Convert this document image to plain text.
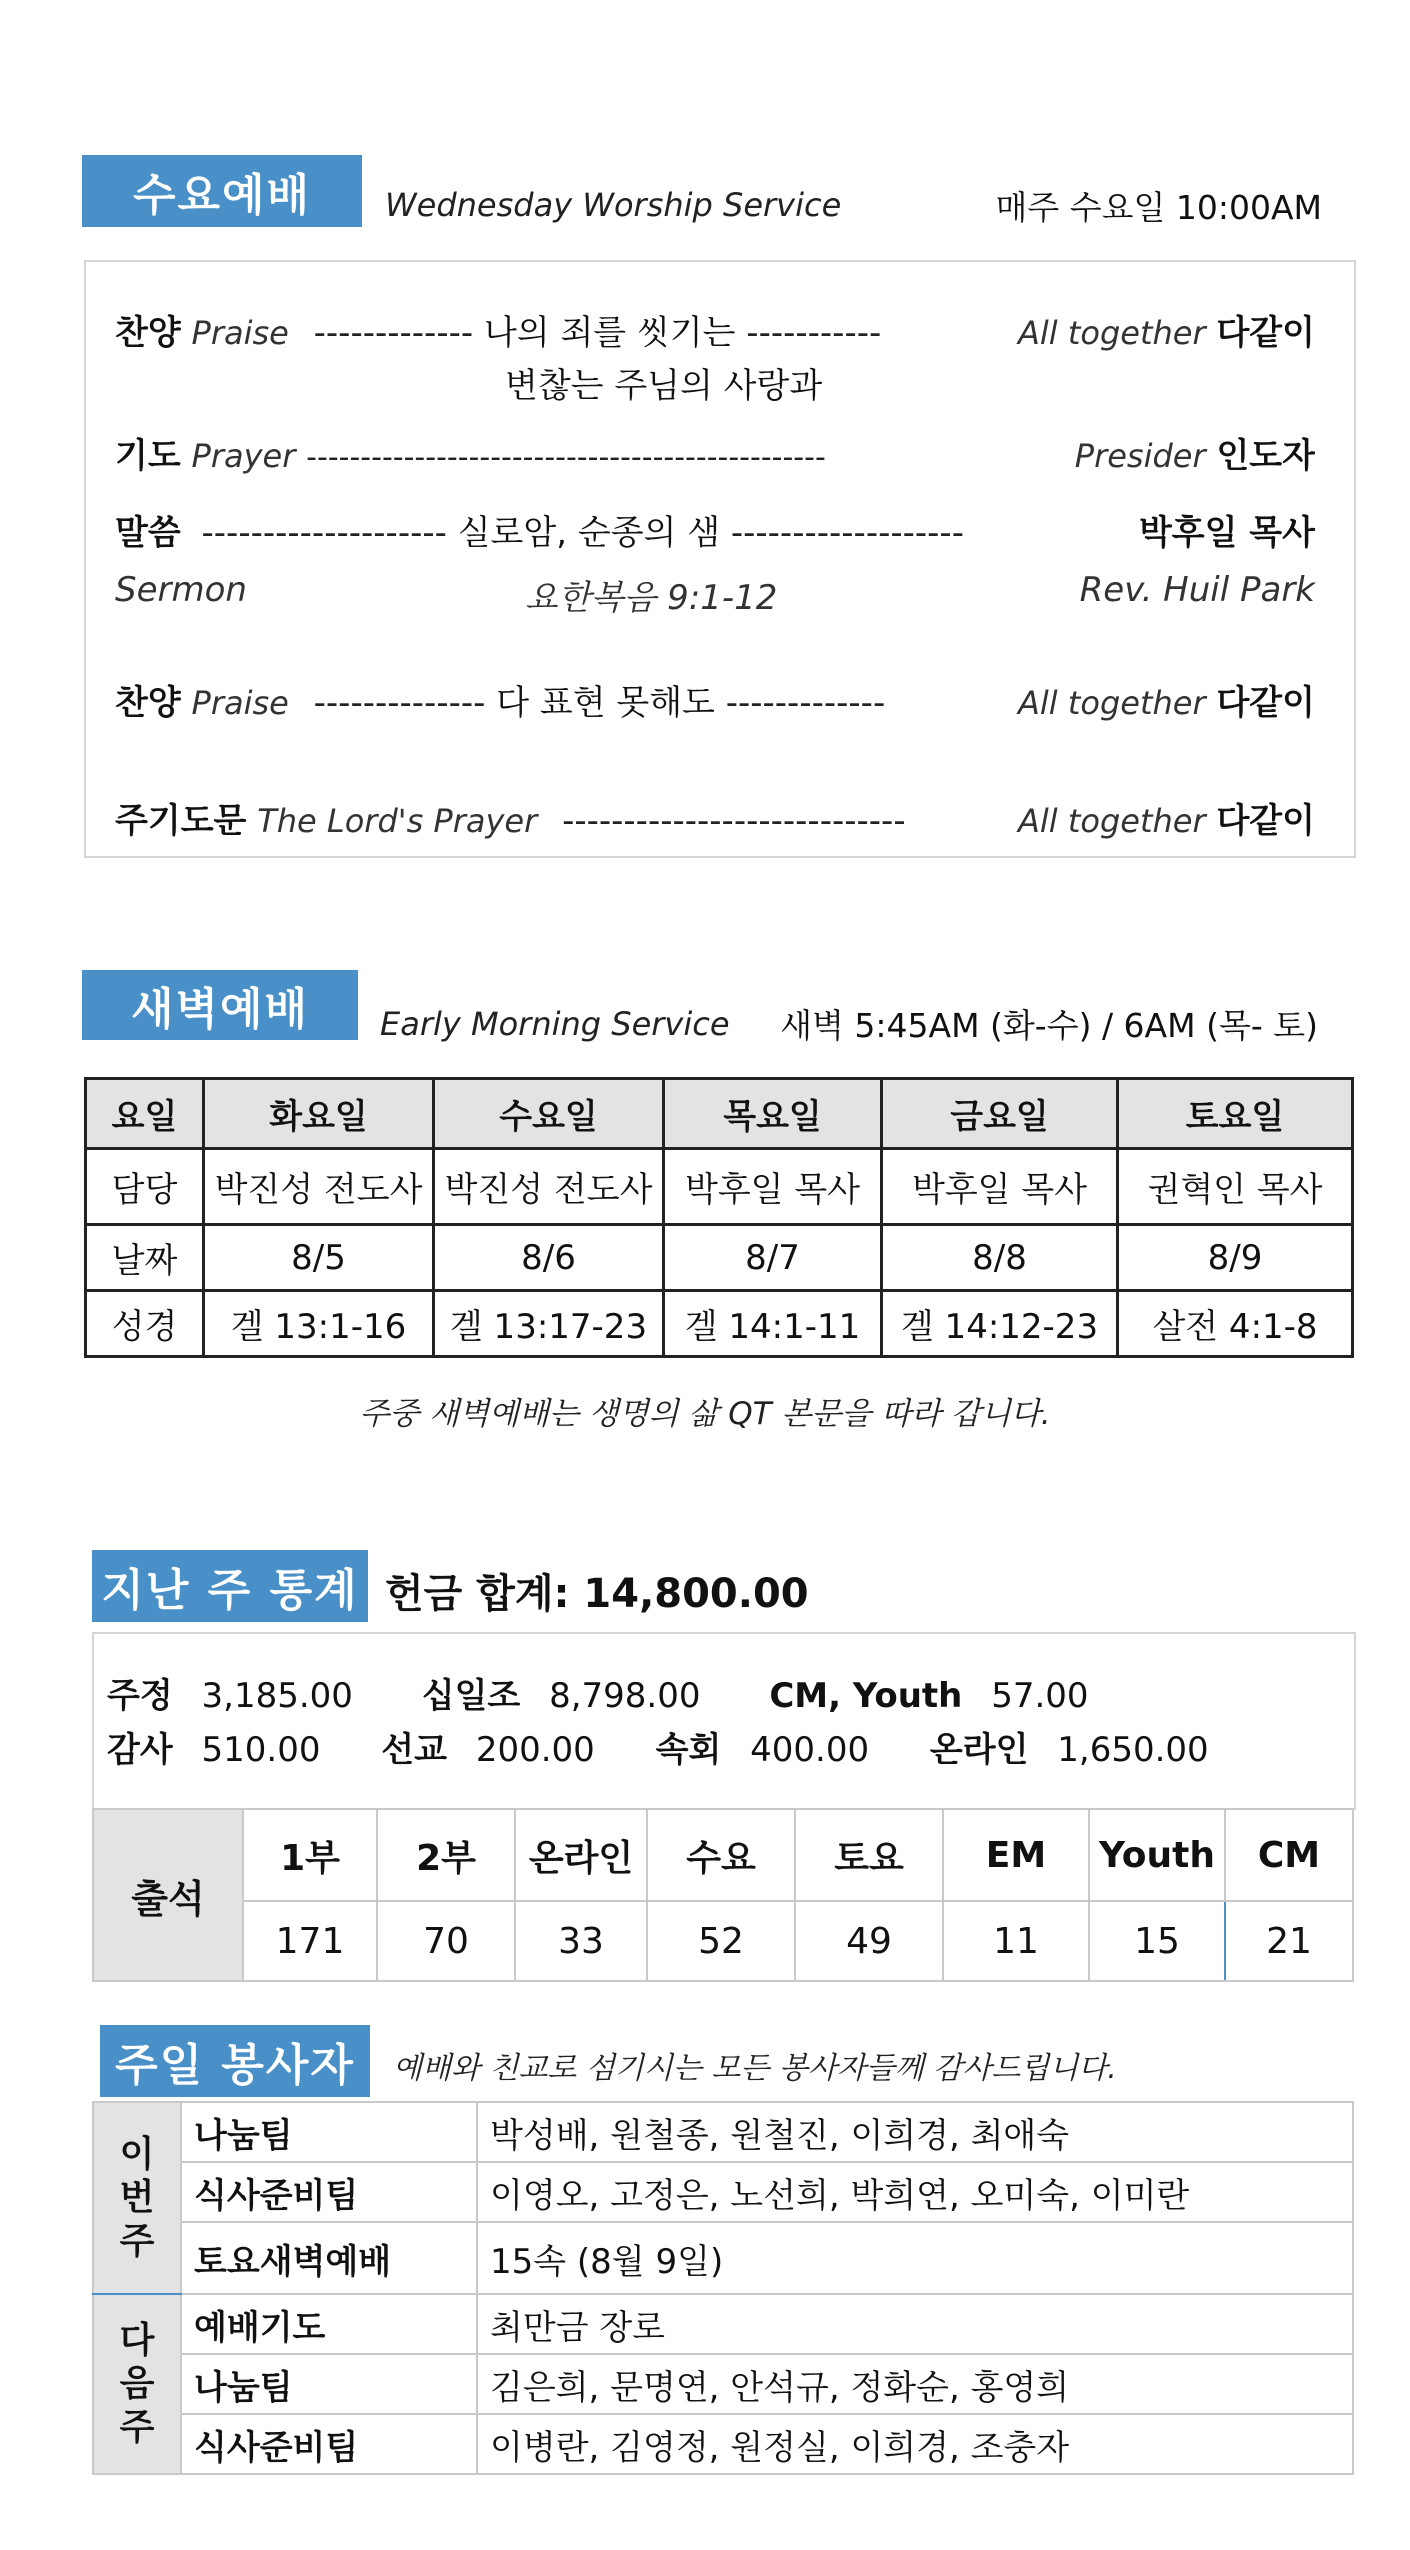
수요예배	Wednesday Worship Service	매주 수요일 10:00AM
찬양 Praise ------------- 나의 죄를 씻기는 -----------	All together 다같이
변찮는 주님의 사랑과
기도 Prayer ------------------------------------------------	Presider 인도자
말씀 -------------------- 실로암, 순종의 샘 -------------------	박후일 목사
Sermon	요한복음 9:1-12	Rev. Huil Park
찬양 Praise -------------- 다 표현 못해도 -------------	All together 다같이
주기도문 The Lord's Prayer ----------------------------	All together 다같이
새벽예배	Early Morning Service 새벽 5:45AM (화-수) / 6AM (목- 토)
요일	화요일	수요일	목요일	금요일	토요일
담당	박진성 전도사	박진성 전도사	박후일 목사	박후일 목사	권혁인 목사
날짜	8/5	8/6	8/7	8/8	8/9
성경	겔 13:1-16	겔 13:17-23	겔 14:1-11	겔 14:12-23	살전 4:1-8
주중 새벽예배는 생명의 삶 QT 본문을 따라 갑니다.
지난 주 통계 헌금 합계: 14,800.00
주정 3,185.00 십일조 8,798.00 CM, Youth 57.00
감사 510.00 선교 200.00 속회 400.00 온라인 1,650.00
출석	1부	2부	온라인	수요	토요	EM	Youth	CM
	171	70	33	52	49	11	15	21
주일 봉사자	예배와 친교로 섬기시는 모든 봉사자들께 감사드립니다.
이
번
주	나눔팀	박성배, 원철종, 원철진, 이희경, 최애숙
	식사준비팀	이영오, 고정은, 노선희, 박희연, 오미숙, 이미란
	토요새벽예배	15속 (8월 9일)
다
음
주	예배기도	최만금 장로
	나눔팀	김은희, 문명연, 안석규, 정화순, 홍영희
	식사준비팀	이병란, 김영정, 원정실, 이희경, 조충자
